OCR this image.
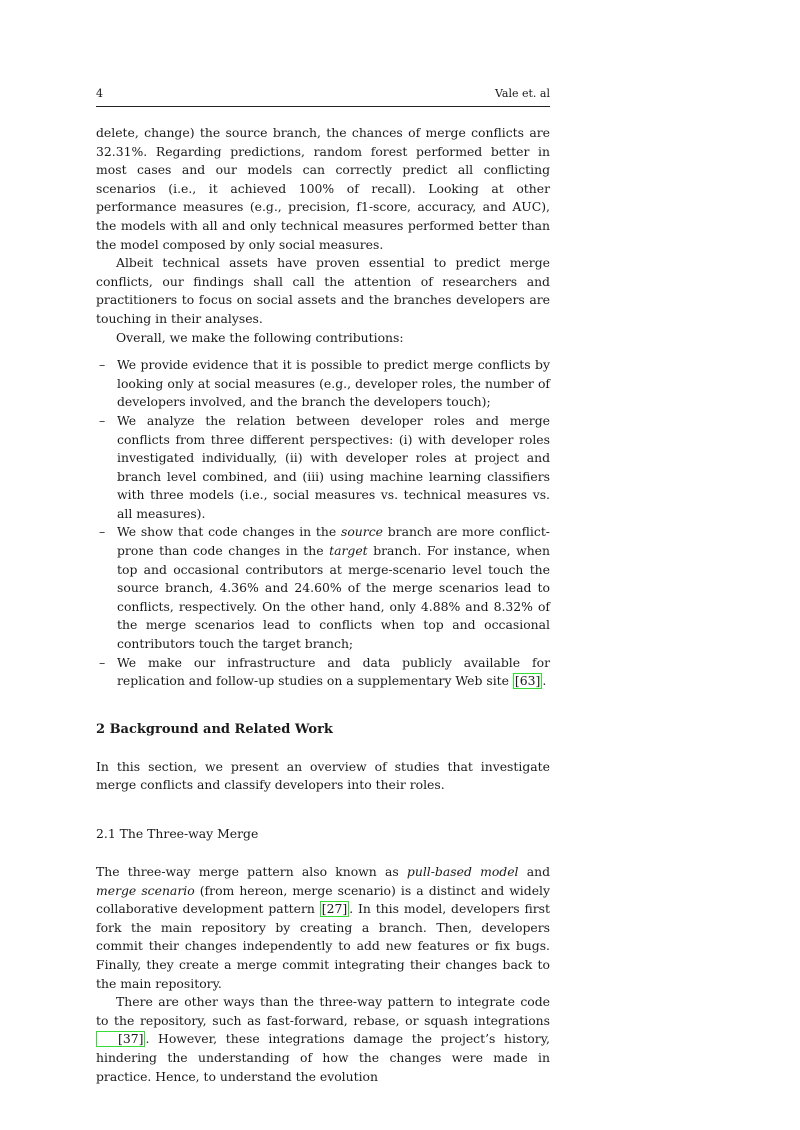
4	Vale et. al

delete, change) the source branch, the chances of merge conflicts are 32.31%. Regarding predictions, random forest performed better in most cases and our models can correctly predict all conflicting scenarios (i.e., it achieved 100% of recall). Looking at other performance measures (e.g., precision, f1-score, accuracy, and AUC), the models with all and only technical measures performed better than the model composed by only social measures.

Albeit technical assets have proven essential to predict merge conflicts, our findings shall call the attention of researchers and practitioners to focus on social assets and the branches developers are touching in their analyses.

Overall, we make the following contributions:

– We provide evidence that it is possible to predict merge conflicts by looking only at social measures (e.g., developer roles, the number of developers involved, and the branch the developers touch);
– We analyze the relation between developer roles and merge conflicts from three different perspectives: (i) with developer roles investigated individually, (ii) with developer roles at project and branch level combined, and (iii) using machine learning classifiers with three models (i.e., social measures vs. technical measures vs. all measures).
– We show that code changes in the source branch are more conflict-prone than code changes in the target branch. For instance, when top and occasional contributors at merge-scenario level touch the source branch, 4.36% and 24.60% of the merge scenarios lead to conflicts, respectively. On the other hand, only 4.88% and 8.32% of the merge scenarios lead to conflicts when top and occasional contributors touch the target branch;
– We make our infrastructure and data publicly available for replication and follow-up studies on a supplementary Web site [63] .
2 Background and Related Work

In this section, we present an overview of studies that investigate merge conflicts and classify developers into their roles.

2.1 The Three-way Merge

The three-way merge pattern also known as pull-based model and merge scenario (from hereon, merge scenario) is a distinct and widely collaborative development pattern [27] . In this model, developers first fork the main repository by creating a branch. Then, developers commit their changes independently to add new features or fix bugs. Finally, they create a merge commit integrating their changes back to the main repository.

There are other ways than the three-way pattern to integrate code to the repository, such as fast-forward, rebase, or squash integrations [37] . However, these integrations damage the project’s history, hindering the understanding of how the changes were made in practice. Hence, to understand the evolution
